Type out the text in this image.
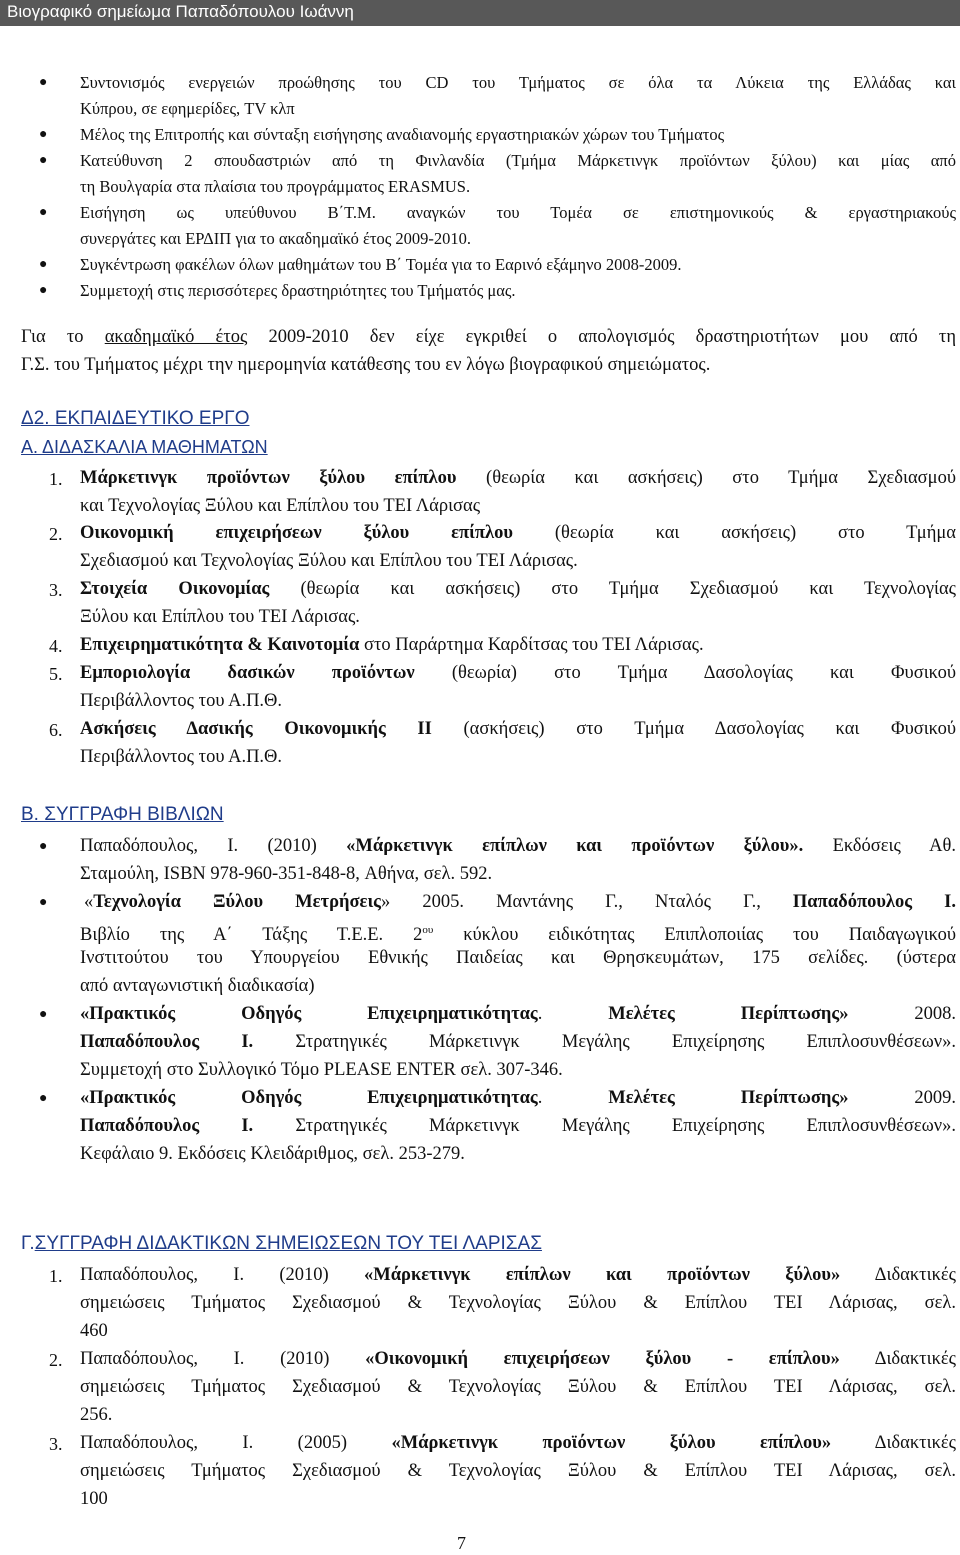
Βιογραφικό σημείωμα Παπαδόπουλου Ιωάννη
● Συντονισμός ενεργειών προώθησης του CD του Τμήματος σε όλα τα Λύκεια της Ελλάδας και
Κύπρου, σε εφημερίδες, TV κλπ
● Μέλος της Επιτροπής και σύνταξη εισήγησης αναδιανομής εργαστηριακών χώρων του Τμήματος
● Κατεύθυνση 2 σπουδαστριών από τη Φινλανδία (Τμήμα Μάρκετινγκ προϊόντων ξύλου) και μίας από
τη Βουλγαρία στα πλαίσια του προγράμματος ERASMUS.
● Εισήγηση ως υπεύθυνου Β΄Τ.Μ. αναγκών του Τομέα σε επιστημονικούς & εργαστηριακούς
συνεργάτες και ΕΡΔΙΠ για το ακαδημαϊκό έτος 2009-2010.
● Συγκέντρωση φακέλων όλων μαθημάτων του Β΄ Τομέα για το Εαρινό εξάμηνο 2008-2009.
● Συμμετοχή στις περισσότερες δραστηριότητες του Τμήματός μας.
Για το ακαδημαϊκό έτος 2009-2010 δεν είχε εγκριθεί ο απολογισμός δραστηριοτήτων μου από τη
Γ.Σ. του Τμήματος μέχρι την ημερομηνία κατάθεσης του εν λόγω βιογραφικού σημειώματος.
Δ2. ΕΚΠΑΙΔΕΥΤΙΚΟ ΕΡΓΟ
Α. ΔΙΔΑΣΚΑΛΙΑ ΜΑΘΗΜΑΤΩΝ
1. Μάρκετινγκ προϊόντων ξύλου επίπλου (θεωρία και ασκήσεις) στο Τμήμα Σχεδιασμού
και Τεχνολογίας Ξύλου και Επίπλου του ΤΕΙ Λάρισας
2. Οικονομική επιχειρήσεων ξύλου επίπλου (θεωρία και ασκήσεις) στο Τμήμα
Σχεδιασμού και Τεχνολογίας Ξύλου και Επίπλου του ΤΕΙ Λάρισας.
3. Στοιχεία Οικονομίας (θεωρία και ασκήσεις) στο Τμήμα Σχεδιασμού και Τεχνολογίας
Ξύλου και Επίπλου του ΤΕΙ Λάρισας.
4. Επιχειρηματικότητα & Καινοτομία στο Παράρτημα Καρδίτσας του ΤΕΙ Λάρισας.
5. Εμποριολογία δασικών προϊόντων (θεωρία) στο Τμήμα Δασολογίας και Φυσικού
Περιβάλλοντος του Α.Π.Θ.
6. Ασκήσεις Δασικής Οικονομικής ΙΙ (ασκήσεις) στο Τμήμα Δασολογίας και Φυσικού
Περιβάλλοντος του Α.Π.Θ.
Β. ΣΥΓΓΡΑΦΗ ΒΙΒΛΙΩΝ
● Παπαδόπουλος, Ι. (2010) «Μάρκετινγκ επίπλων και προϊόντων ξύλου». Εκδόσεις Αθ.
Σταμούλη, ISBN 978-960-351-848-8, Αθήνα, σελ. 592.
● «Τεχνολογία Ξύλου Μετρήσεις» 2005. Μαντάνης Γ., Νταλός Γ., Παπαδόπουλος Ι.
Βιβλίο της Α΄ Τάξης Τ.Ε.Ε. $2^{o\upsilon}$ κύκλου ειδικότητας Επιπλοποιίας του Παιδαγωγικού
Ινστιτούτου του Υπουργείου Εθνικής Παιδείας και Θρησκευμάτων, 175 σελίδες. (ύστερα
από ανταγωνιστική διαδικασία)
● «Πρακτικός Οδηγός Επιχειρηματικότητας.	Μελέτες Περίπτωσης»	2008.
Παπαδόπουλος Ι. Στρατηγικές Μάρκετινγκ Μεγάλης Επιχείρησης Επιπλοσυνθέσεων».
Συμμετοχή στο Συλλογικό Τόμο PLEASE ENTER σελ. 307-346.
● «Πρακτικός Οδηγός Επιχειρηματικότητας.	Μελέτες Περίπτωσης»	2009.
Παπαδόπουλος Ι. Στρατηγικές Μάρκετινγκ Μεγάλης Επιχείρησης Επιπλοσυνθέσεων».
Κεφάλαιο 9. Εκδόσεις Κλειδάριθμος, σελ. 253-279.
Γ.ΣΥΓΓΡΑΦΗ ΔΙΔΑΚΤΙΚΩΝ ΣΗΜΕΙΩΣΕΩΝ ΤΟΥ ΤΕΙ ΛΑΡΙΣΑΣ
1. Παπαδόπουλος, Ι. (2010) «Μάρκετινγκ επίπλων και προϊόντων ξύλου» Διδακτικές
σημειώσεις Τμήματος Σχεδιασμού & Τεχνολογίας Ξύλου & Επίπλου ΤΕΙ Λάρισας, σελ.
460
2. Παπαδόπουλος, Ι. (2010) «Οικονομική επιχειρήσεων ξύλου - επίπλου» Διδακτικές
σημειώσεις Τμήματος Σχεδιασμού & Τεχνολογίας Ξύλου & Επίπλου ΤΕΙ Λάρισας, σελ.
256.
3. Παπαδόπουλος, Ι. (2005) «Μάρκετινγκ προϊόντων ξύλου επίπλου» Διδακτικές
σημειώσεις Τμήματος Σχεδιασμού & Τεχνολογίας Ξύλου & Επίπλου ΤΕΙ Λάρισας, σελ.
100
7
